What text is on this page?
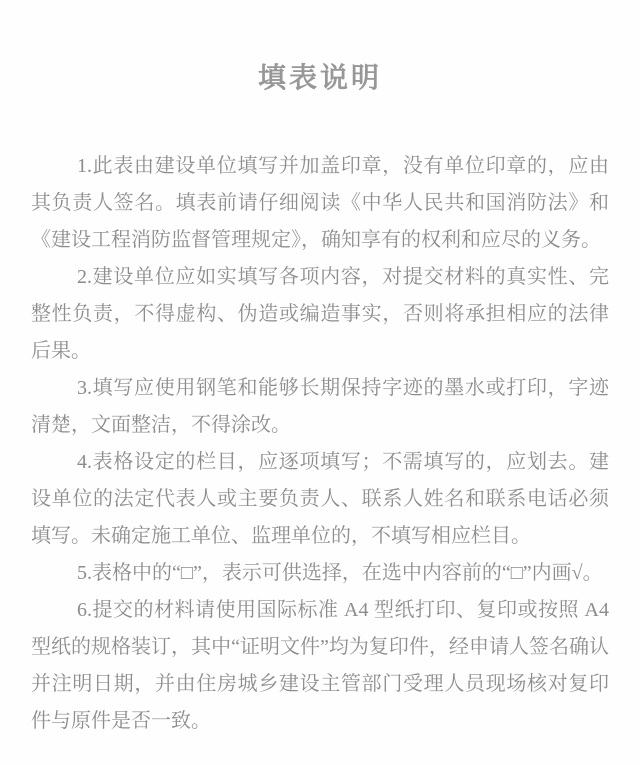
填表说明

1.此表由建设单位填写并加盖印章，没有单位印章的，应由其负责人签名。填表前请仔细阅读《中华人民共和国消防法》和《建设工程消防监督管理规定》，确知享有的权利和应尽的义务。

2.建设单位应如实填写各项内容，对提交材料的真实性、完整性负责，不得虚构、伪造或编造事实，否则将承担相应的法律后果。

3.填写应使用钢笔和能够长期保持字迹的墨水或打印，字迹清楚，文面整洁，不得涂改。

4.表格设定的栏目，应逐项填写；不需填写的，应划去。建设单位的法定代表人或主要负责人、联系人姓名和联系电话必须填写。未确定施工单位、监理单位的，不填写相应栏目。

5.表格中的“□”，表示可供选择，在选中内容前的“□”内画√。

6.提交的材料请使用国际标准 A4 型纸打印、复印或按照 A4 型纸的规格装订，其中“证明文件”均为复印件，经申请人签名确认并注明日期，并由住房城乡建设主管部门受理人员现场核对复印件与原件是否一致。
